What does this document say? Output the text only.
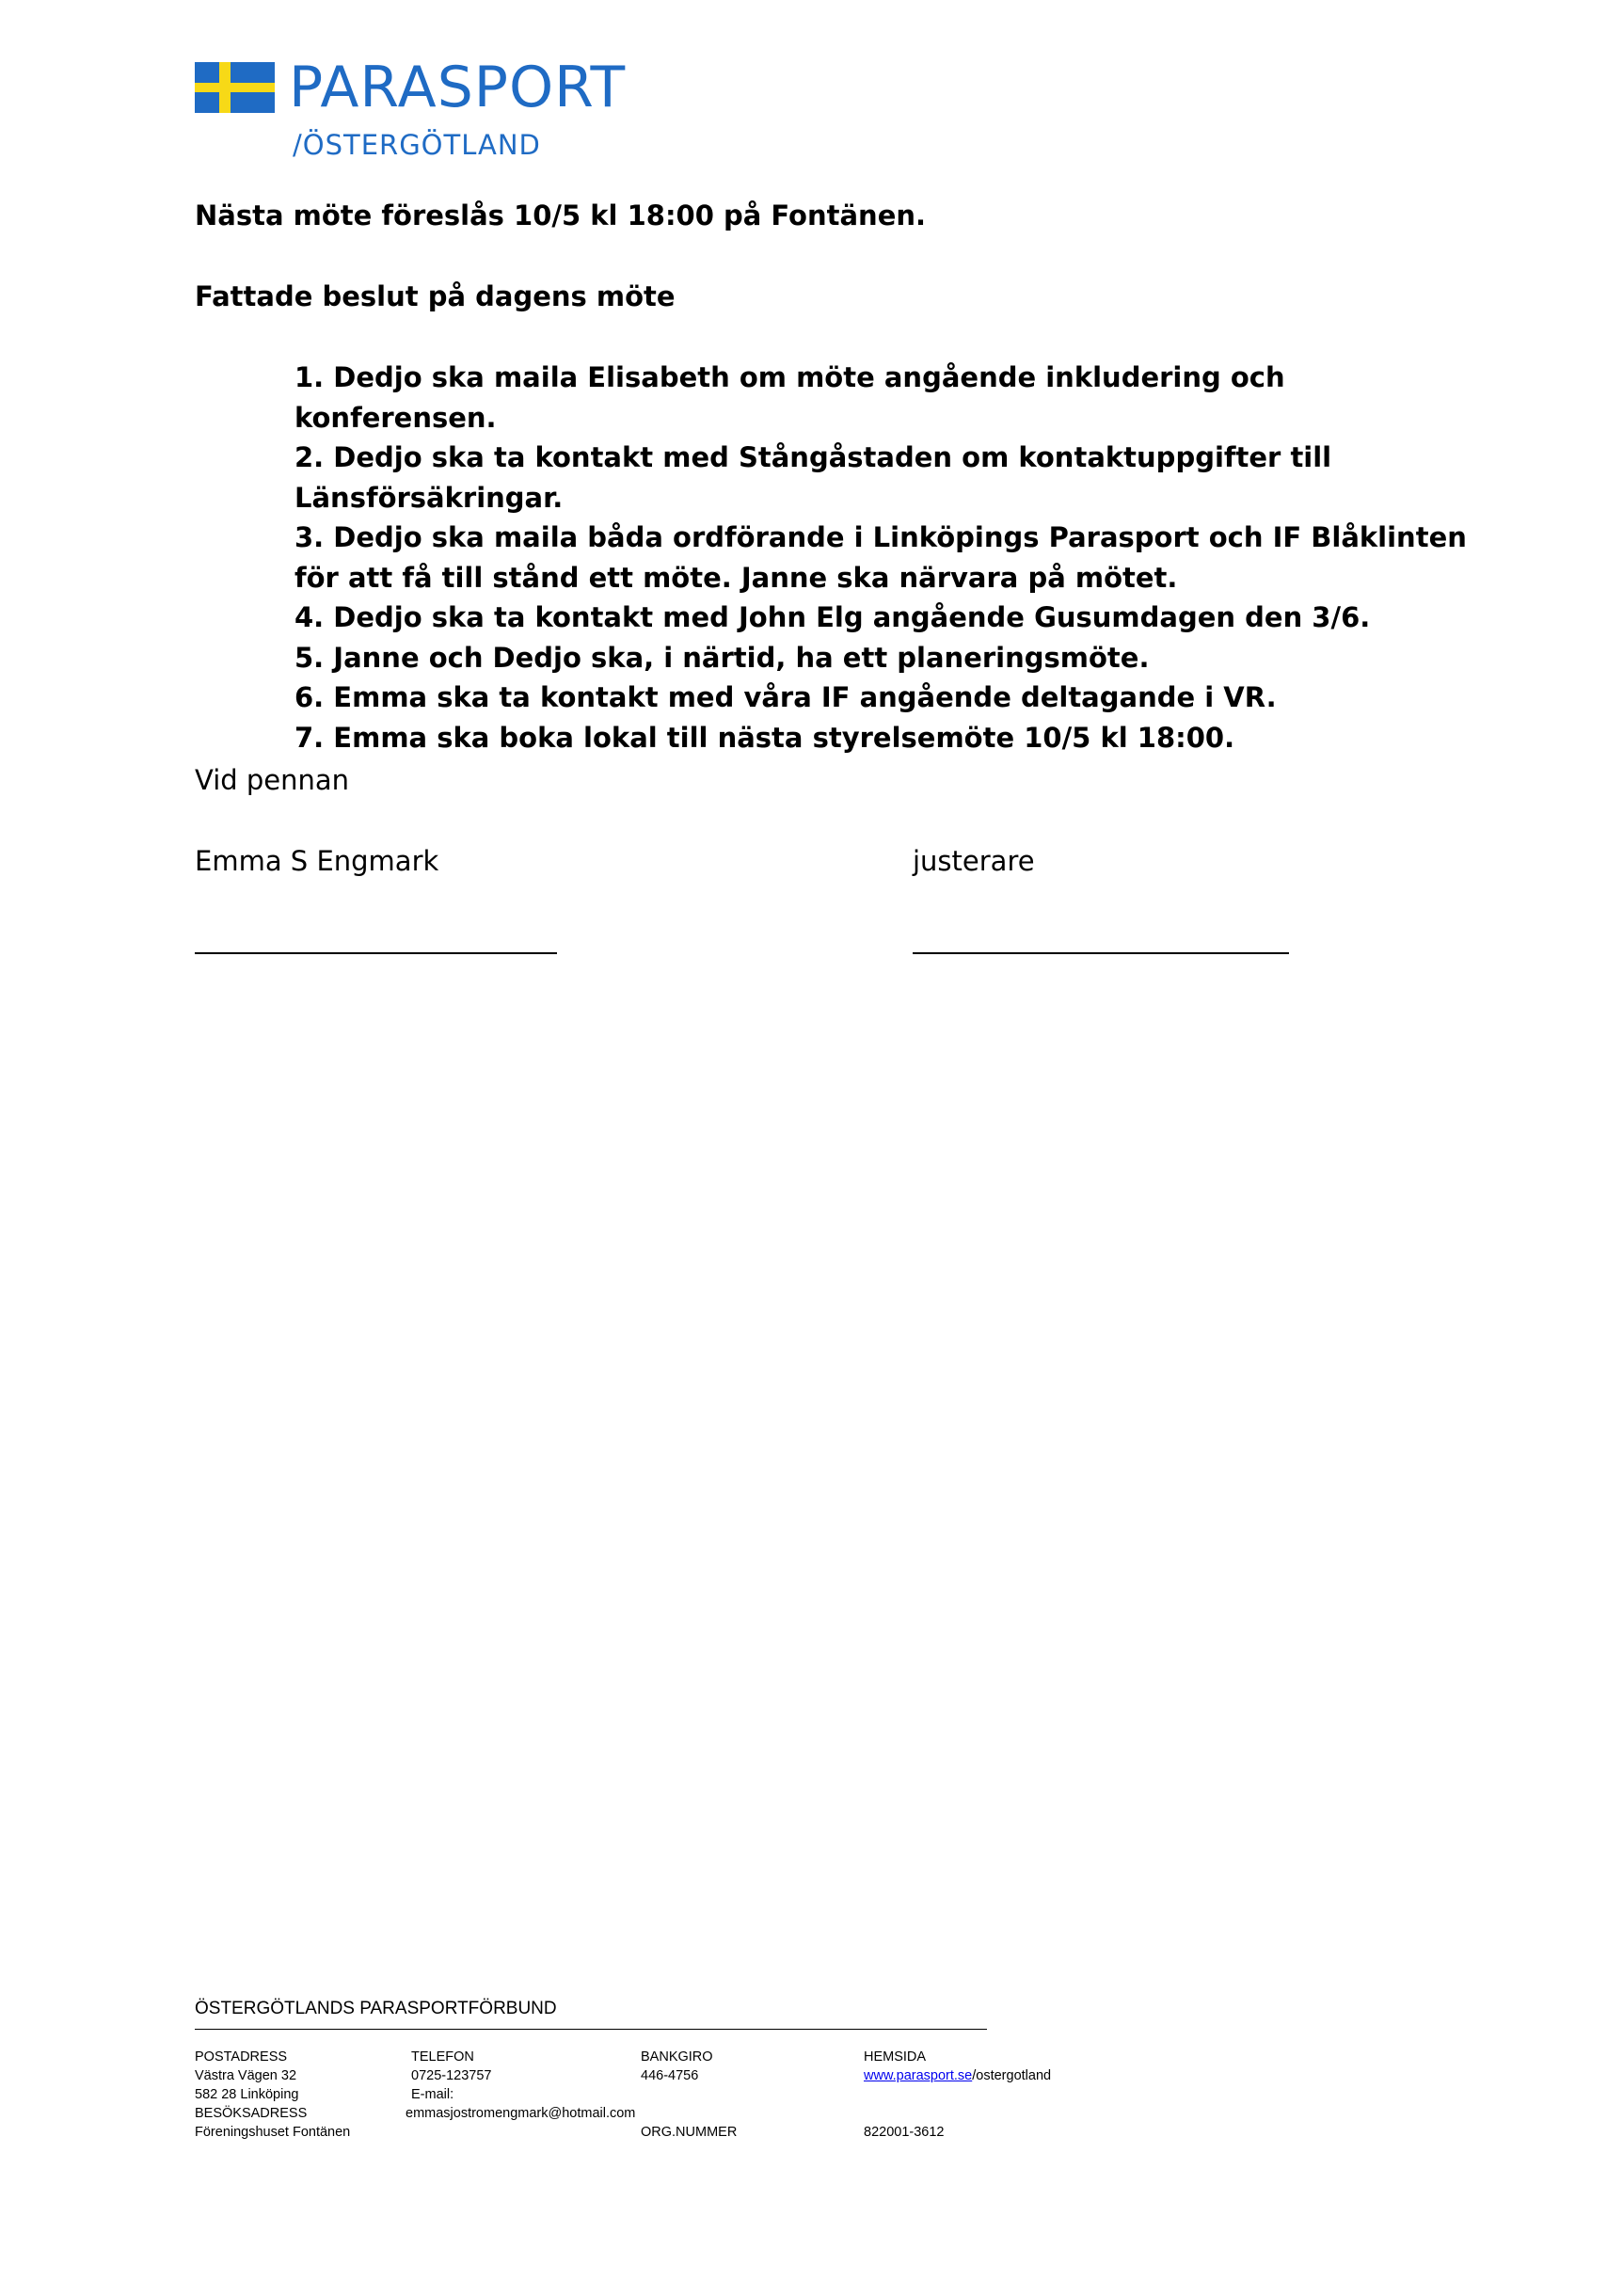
PARASPORT
/ÖSTERGÖTLAND
Nästa möte föreslås 10/5 kl 18:00 på Fontänen.
Fattade beslut på dagens möte
1. Dedjo ska maila Elisabeth om möte angående inkludering och konferensen.
2. Dedjo ska ta kontakt med Stångåstaden om kontaktuppgifter till Länsförsäkringar.
3. Dedjo ska maila båda ordförande i Linköpings Parasport och IF Blåklinten för att få till stånd ett möte. Janne ska närvara på mötet.
4. Dedjo ska ta kontakt med John Elg angående Gusumdagen den 3/6.
5. Janne och Dedjo ska, i närtid, ha ett planeringsmöte.
6. Emma ska ta kontakt med våra IF angående deltagande i VR.
7. Emma ska boka lokal till nästa styrelsemöte 10/5 kl 18:00.
Vid pennan
Emma S Engmark	justerare
ÖSTERGÖTLANDS PARASPORTFÖRBUND
POSTADRESS
Västra Vägen 32
582 28 Linköping
BESÖKSADRESS
Föreningshuset Fontänen
TELEFON
0725-123757
E-mail:
emmasjostromengmark@hotmail.com
BANKGIRO
446-4756
ORG.NUMMER
HEMSIDA
www.parasport.se/ostergotland
822001-3612
